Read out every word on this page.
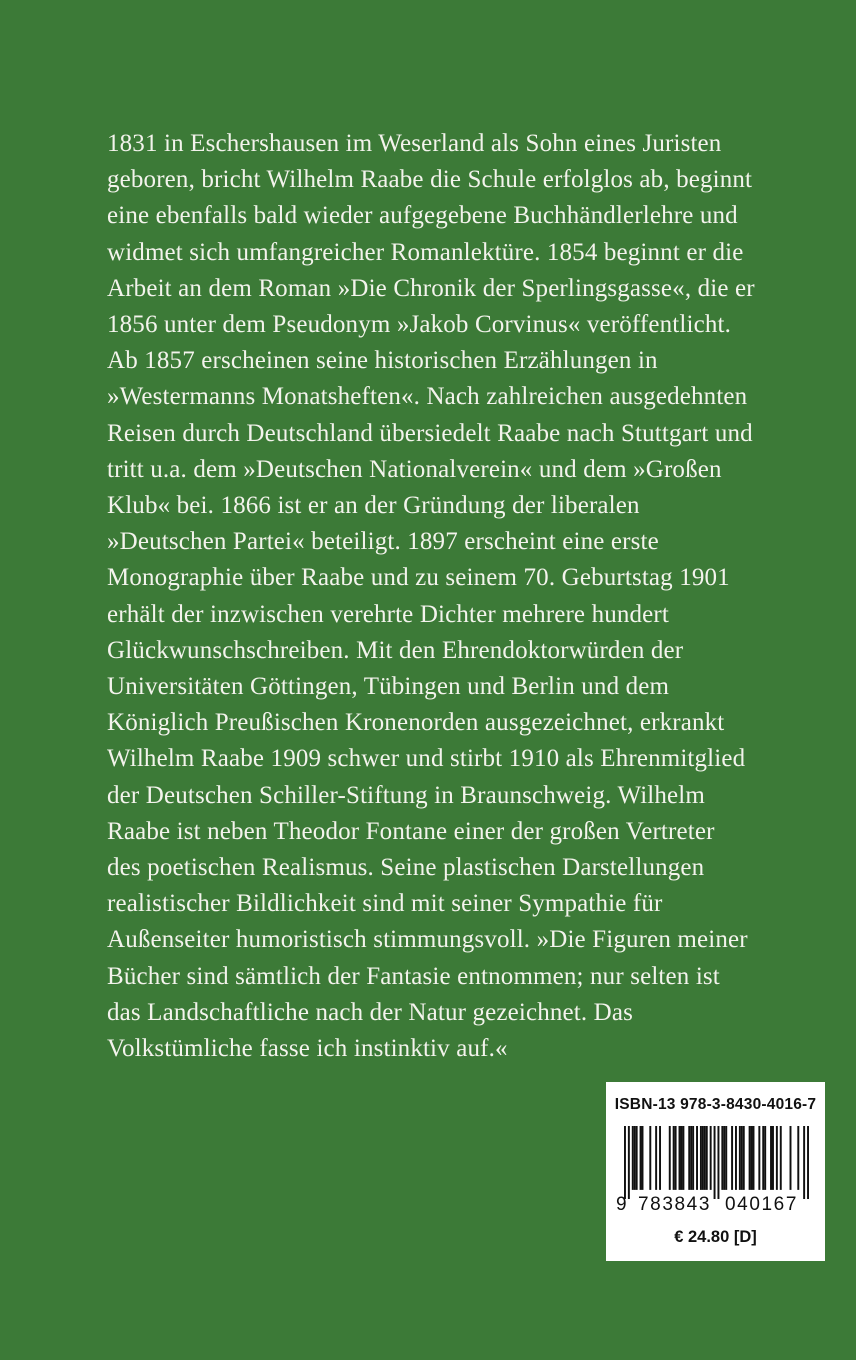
1831 in Eschershausen im Weserland als Sohn eines Juristen
geboren, bricht Wilhelm Raabe die Schule erfolglos ab, beginnt
eine ebenfalls bald wieder aufgegebene Buchhändlerlehre und
widmet sich umfangreicher Romanlektüre. 1854 beginnt er die
Arbeit an dem Roman »Die Chronik der Sperlingsgasse«, die er
1856 unter dem Pseudonym »Jakob Corvinus« veröffentlicht.
Ab 1857 erscheinen seine historischen Erzählungen in
»Westermanns Monatsheften«. Nach zahlreichen ausgedehnten
Reisen durch Deutschland übersiedelt Raabe nach Stuttgart und
tritt u.a. dem »Deutschen Nationalverein« und dem »Großen
Klub« bei. 1866 ist er an der Gründung der liberalen
»Deutschen Partei« beteiligt. 1897 erscheint eine erste
Monographie über Raabe und zu seinem 70. Geburtstag 1901
erhält der inzwischen verehrte Dichter mehrere hundert
Glückwunschschreiben. Mit den Ehrendoktorwürden der
Universitäten Göttingen, Tübingen und Berlin und dem
Königlich Preußischen Kronenorden ausgezeichnet, erkrankt
Wilhelm Raabe 1909 schwer und stirbt 1910 als Ehrenmitglied
der Deutschen Schiller-Stiftung in Braunschweig. Wilhelm
Raabe ist neben Theodor Fontane einer der großen Vertreter
des poetischen Realismus. Seine plastischen Darstellungen
realistischer Bildlichkeit sind mit seiner Sympathie für
Außenseiter humoristisch stimmungsvoll. »Die Figuren meiner
Bücher sind sämtlich der Fantasie entnommen; nur selten ist
das Landschaftliche nach der Natur gezeichnet. Das
Volkstümliche fasse ich instinktiv auf.«
ISBN-13 978-3-8430-4016-7
9 783843 040167
€ 24.80 [D]
